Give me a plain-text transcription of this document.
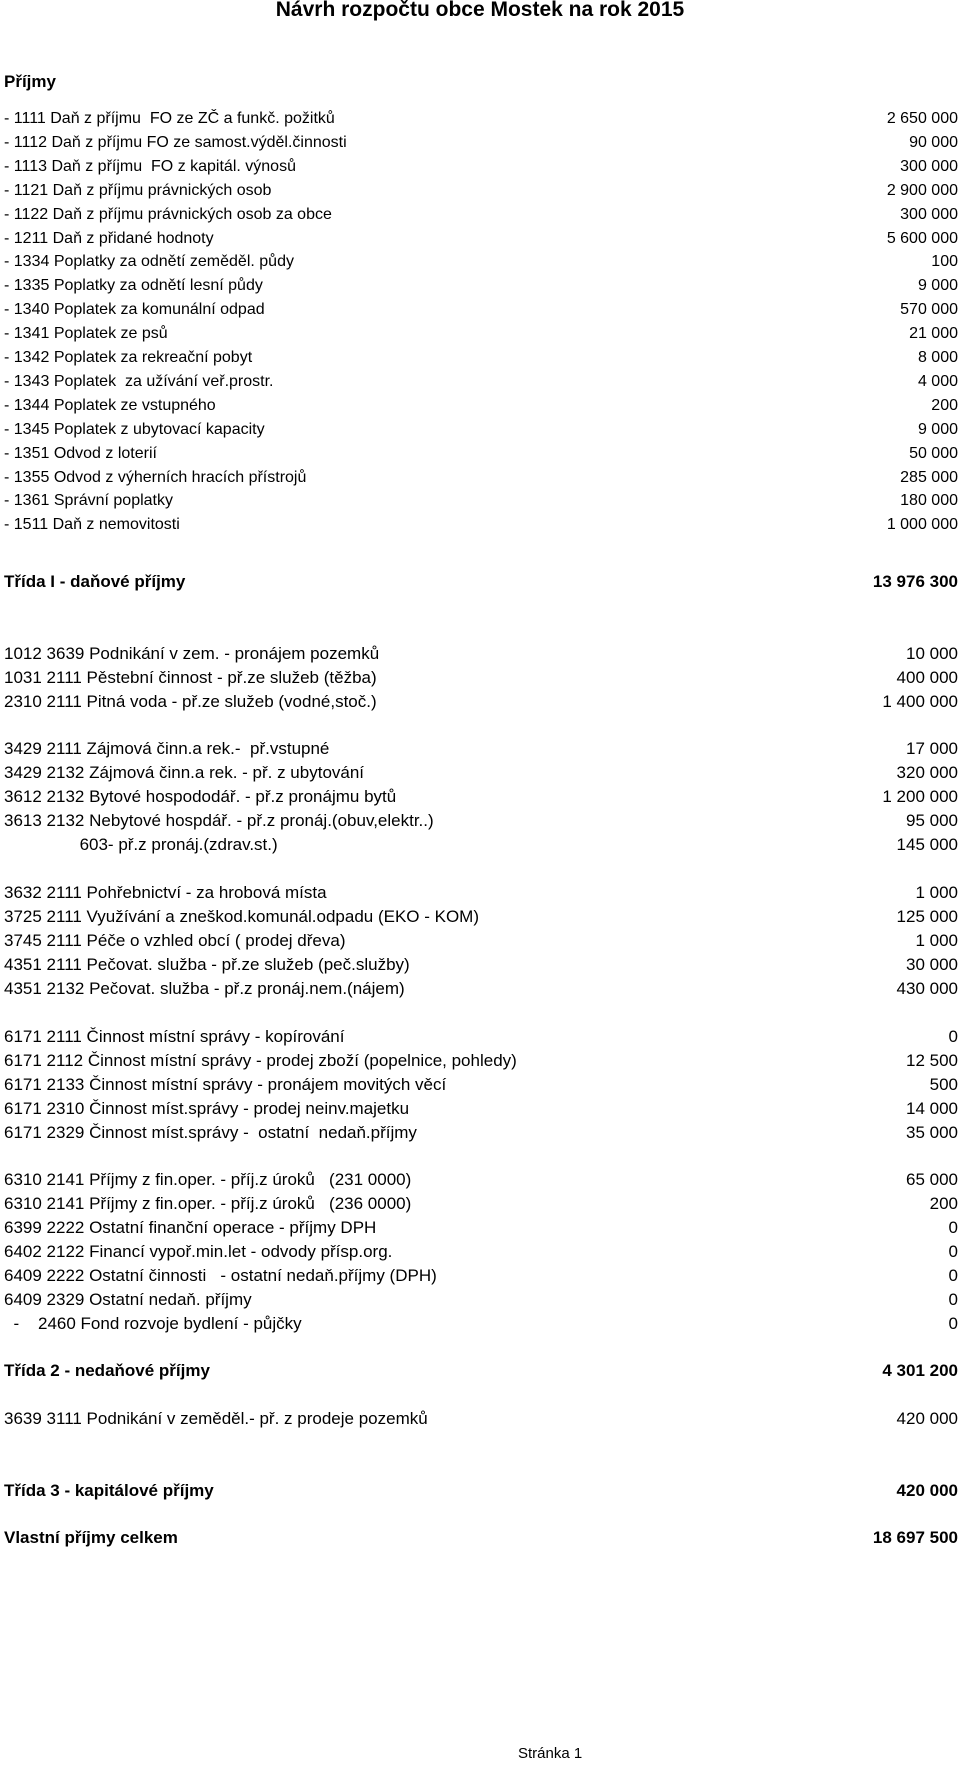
Návrh rozpočtu obce Mostek na rok 2015
Příjmy
- 1111 Daň z příjmu  FO ze ZČ a funkč. požitků	2 650 000
- 1112 Daň z příjmu FO ze samost.výděl.činnosti	90 000
- 1113 Daň z příjmu  FO z kapitál. výnosů	300 000
- 1121 Daň z příjmu právnických osob	2 900 000
- 1122 Daň z příjmu právnických osob za obce	300 000
- 1211 Daň z přidané hodnoty	5 600 000
- 1334 Poplatky za odnětí zeměděl. půdy	100
- 1335 Poplatky za odnětí lesní půdy	9 000
- 1340 Poplatek za komunální odpad	570 000
- 1341 Poplatek ze psů	21 000
- 1342 Poplatek za rekreační pobyt	8 000
- 1343 Poplatek  za užívání veř.prostr.	4 000
- 1344 Poplatek ze vstupného	200
- 1345 Poplatek z ubytovací kapacity	9 000
- 1351 Odvod z loterií	50 000
- 1355 Odvod z výherních hracích přístrojů	285 000
- 1361 Správní poplatky	180 000
- 1511 Daň z nemovitosti	1 000 000
Třída I - daňové příjmy	13 976 300
1012 3639 Podnikání v zem. - pronájem pozemků	10 000
1031 2111 Pěstební činnost - př.ze služeb (těžba)	400 000
2310 2111 Pitná voda - př.ze služeb (vodné,stoč.)	1 400 000
3429 2111 Zájmová činn.a rek.-  př.vstupné	17 000
3429 2132 Zájmová činn.a rek. - př. z ubytování	320 000
3612 2132 Bytové hospododář. - př.z pronájmu bytů	1 200 000
3613 2132 Nebytové hospdář. - př.z pronáj.(obuv,elektr..)	95 000
603- př.z pronáj.(zdrav.st.)	145 000
3632 2111 Pohřebnictví - za hrobová místa	1 000
3725 2111 Využívání a zneškod.komunál.odpadu (EKO - KOM)	125 000
3745 2111 Péče o vzhled obcí ( prodej dřeva)	1 000
4351 2111 Pečovat. služba - př.ze služeb (peč.služby)	30 000
4351 2132 Pečovat. služba - př.z pronáj.nem.(nájem)	430 000
6171 2111 Činnost místní správy - kopírování	0
6171 2112 Činnost místní správy - prodej zboží (popelnice, pohledy)	12 500
6171 2133 Činnost místní správy - pronájem movitých věcí	500
6171 2310 Činnost míst.správy - prodej neinv.majetku	14 000
6171 2329 Činnost míst.správy -  ostatní  nedaň.příjmy	35 000
6310 2141 Příjmy z fin.oper. - příj.z úroků   (231 0000)	65 000
6310 2141 Příjmy z fin.oper. - příj.z úroků   (236 0000)	200
6399 2222 Ostatní finanční operace - příjmy DPH	0
6402 2122 Financí vypoř.min.let - odvody přísp.org.	0
6409 2222 Ostatní činnosti   - ostatní nedaň.příjmy (DPH)	0
6409 2329 Ostatní nedaň. příjmy	0
-    2460 Fond rozvoje bydlení - půjčky	0
Třída 2 - nedaňové příjmy	4 301 200
3639 3111 Podnikání v zeměděl.- př. z prodeje pozemků	420 000
Třída 3 - kapitálové příjmy	420 000
Vlastní příjmy celkem	18 697 500
Stránka 1
